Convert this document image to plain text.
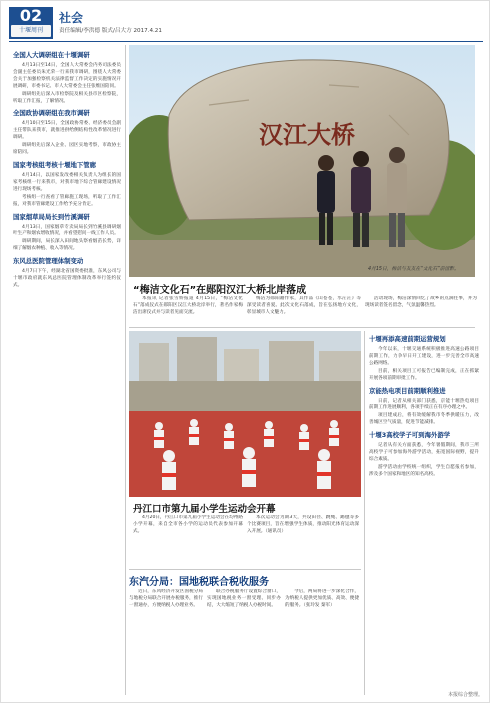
02
十堰周刊
社会
责任编辑/李洪德 版式/吕大方 2017.4.21
全国人大调研组在十堰调研

4月13日至14日，全国人大常委会内务司法委员会副主任委员朱光荣一行来我市调研，围绕人大常委会关于加强检察机关法律监督工作决定的实施情况开展调研，市委书记、市人大常委会主任张维国陪同。

调研组先后深入市检察院及相关县市区检察院，听取工作汇报，了解情况。

全国政协调研组在我市调研

4月10日至15日，全国政协常委、经济委员会副主任带队来我市，就推进供给侧结构性改革情况进行调研。

调研组先后深入企业、园区实地考察，市政协主席陪同。

国家考核组考核十堰地下管廊

4月14日，以国家发改委相关负责人为组长的国家考核组一行来我市，对我市地下综合管廊建设情况进行现场考核。

考核组一行查看了管廊施工现场，听取了工作汇报，对我市管廊建设工作给予充分肯定。

国家烟草局局长到竹溪调研

4月13日，国家烟草专卖局局长到竹溪县调研烟叶生产和烟农增收情况，并看望慰问一线工作人员。

调研期间，局长深入田间地头察看烟苗长势，详细了解烟农种植、收入等情况。

东风总医院管理体制变动

4月7日下午，经湖北省国资委批准，东风公司与十堰市政府就东风总医院管理体制改革举行签约仪式。

汉江大桥
4月15日，梅洁与友友在“文化石”前留影。
“梅洁文化石”在郧阳汉江大桥北岸落成

本报讯 记者张雪娇报道 4月15日，“梅洁文化石”落成仪式在郧阳区汉江大桥北岸举行，著名作家梅洁出席仪式并与读者见面交流。

梅洁为郧阳籍作家，其作品《山苍苍，水茫茫》等深受读者喜爱。此次文化石落成，旨在弘扬地方文化，彰显城市人文魅力。

活动现场，梅洁深情回忆了故乡的点滴往事，并为现场读者签名留念，气氛温馨热烈。

丹江口市第九届小学生运动会开幕

4月20日，丹江口市第九届小学生运动会在均州路小学开幕，来自全市各小学的运动员代表参加开幕式。

本次运动会为期3天，共设田径、跳绳、踢毽等多个比赛项目，旨在增强学生体质，推动阳光体育运动深入开展。（通讯员）

东汽分局：国地税联合税收服务

近日，东风经济开发区国税分局与地税分局联合开展办税服务，推行一窗通办，方便纳税人办理业务。

联合办税服务厅设置综合窗口，实现国地税业务一窗受理、同步办结，大大缩短了纳税人办税时间。

今后，两局将进一步深化合作，为纳税人提供更加优质、高效、便捷的服务。（张玲发 秦军）

十堰再添高速前期运营规划

今年以来，十堰交通系统积极推进高速公路项目前期工作，力争早日开工建设，进一步完善全市高速公路网络。

目前，相关项目工可报告已编制完成，正在抓紧开展各项前期审批工作。

京能热电项目前期顺利推进

日前，记者从相关部门获悉，京能十堰热电项目前期工作进展顺利，各项手续正在有序办理之中。

项目建成后，将有效缓解我市冬季供暖压力，改善城区空气质量，促进节能减排。

十堰3高校学子可到海外游学

记者从有关方面获悉，今年暑假期间，我市三所高校学子可参加海外游学活动，拓宽国际视野，提升综合素质。

游学活动由学校统一组织，学生自愿报名参加，涉及多个国家和地区的知名高校。

本报综合整理。
